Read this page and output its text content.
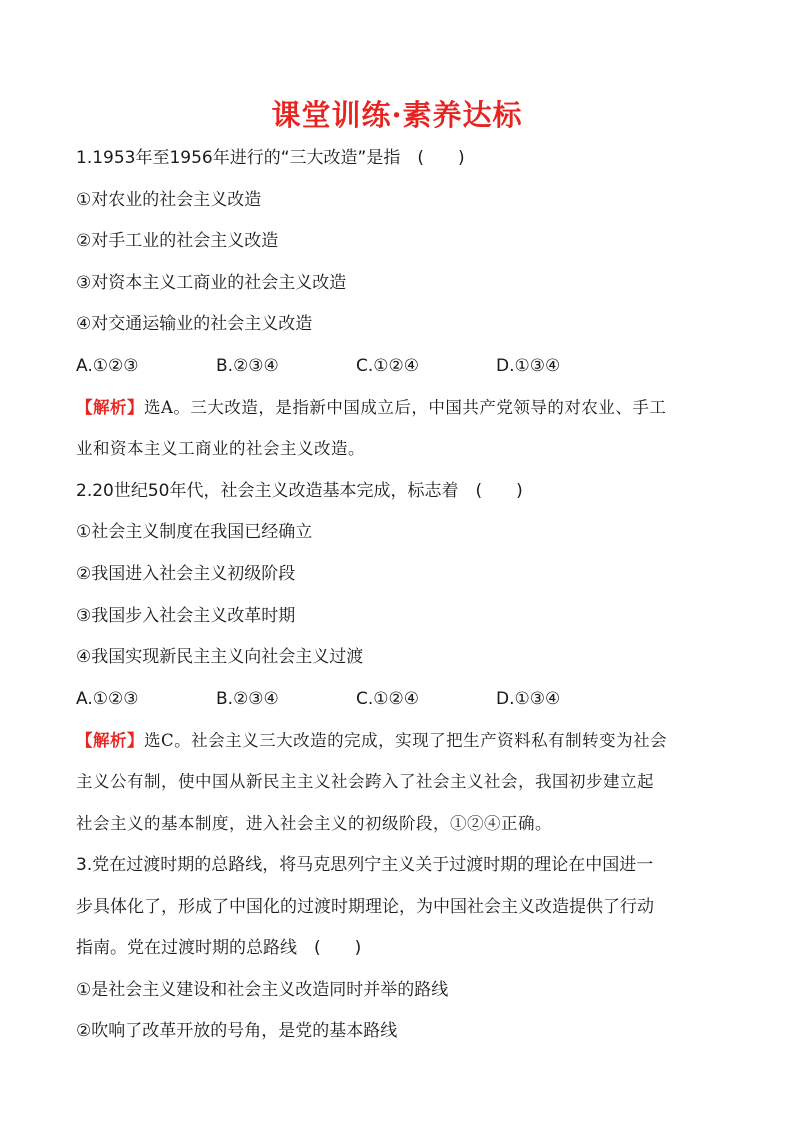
课堂训练·素养达标
1.1953年至1956年进行的“三大改造”是指　(　　)
①对农业的社会主义改造
②对手工业的社会主义改造
③对资本主义工商业的社会主义改造
④对交通运输业的社会主义改造
A.①②③	B.②③④	C.①②④	D.①③④
【解析】选A。三大改造，是指新中国成立后，中国共产党领导的对农业、手工
业和资本主义工商业的社会主义改造。
2.20世纪50年代，社会主义改造基本完成，标志着　(　　)
①社会主义制度在我国已经确立
②我国进入社会主义初级阶段
③我国步入社会主义改革时期
④我国实现新民主主义向社会主义过渡
A.①②③	B.②③④	C.①②④	D.①③④
【解析】选C。社会主义三大改造的完成，实现了把生产资料私有制转变为社会
主义公有制，使中国从新民主主义社会跨入了社会主义社会，我国初步建立起
社会主义的基本制度，进入社会主义的初级阶段，①②④正确。
3.党在过渡时期的总路线，将马克思列宁主义关于过渡时期的理论在中国进一
步具体化了，形成了中国化的过渡时期理论，为中国社会主义改造提供了行动
指南。党在过渡时期的总路线　(　　)
①是社会主义建设和社会主义改造同时并举的路线
②吹响了改革开放的号角，是党的基本路线
